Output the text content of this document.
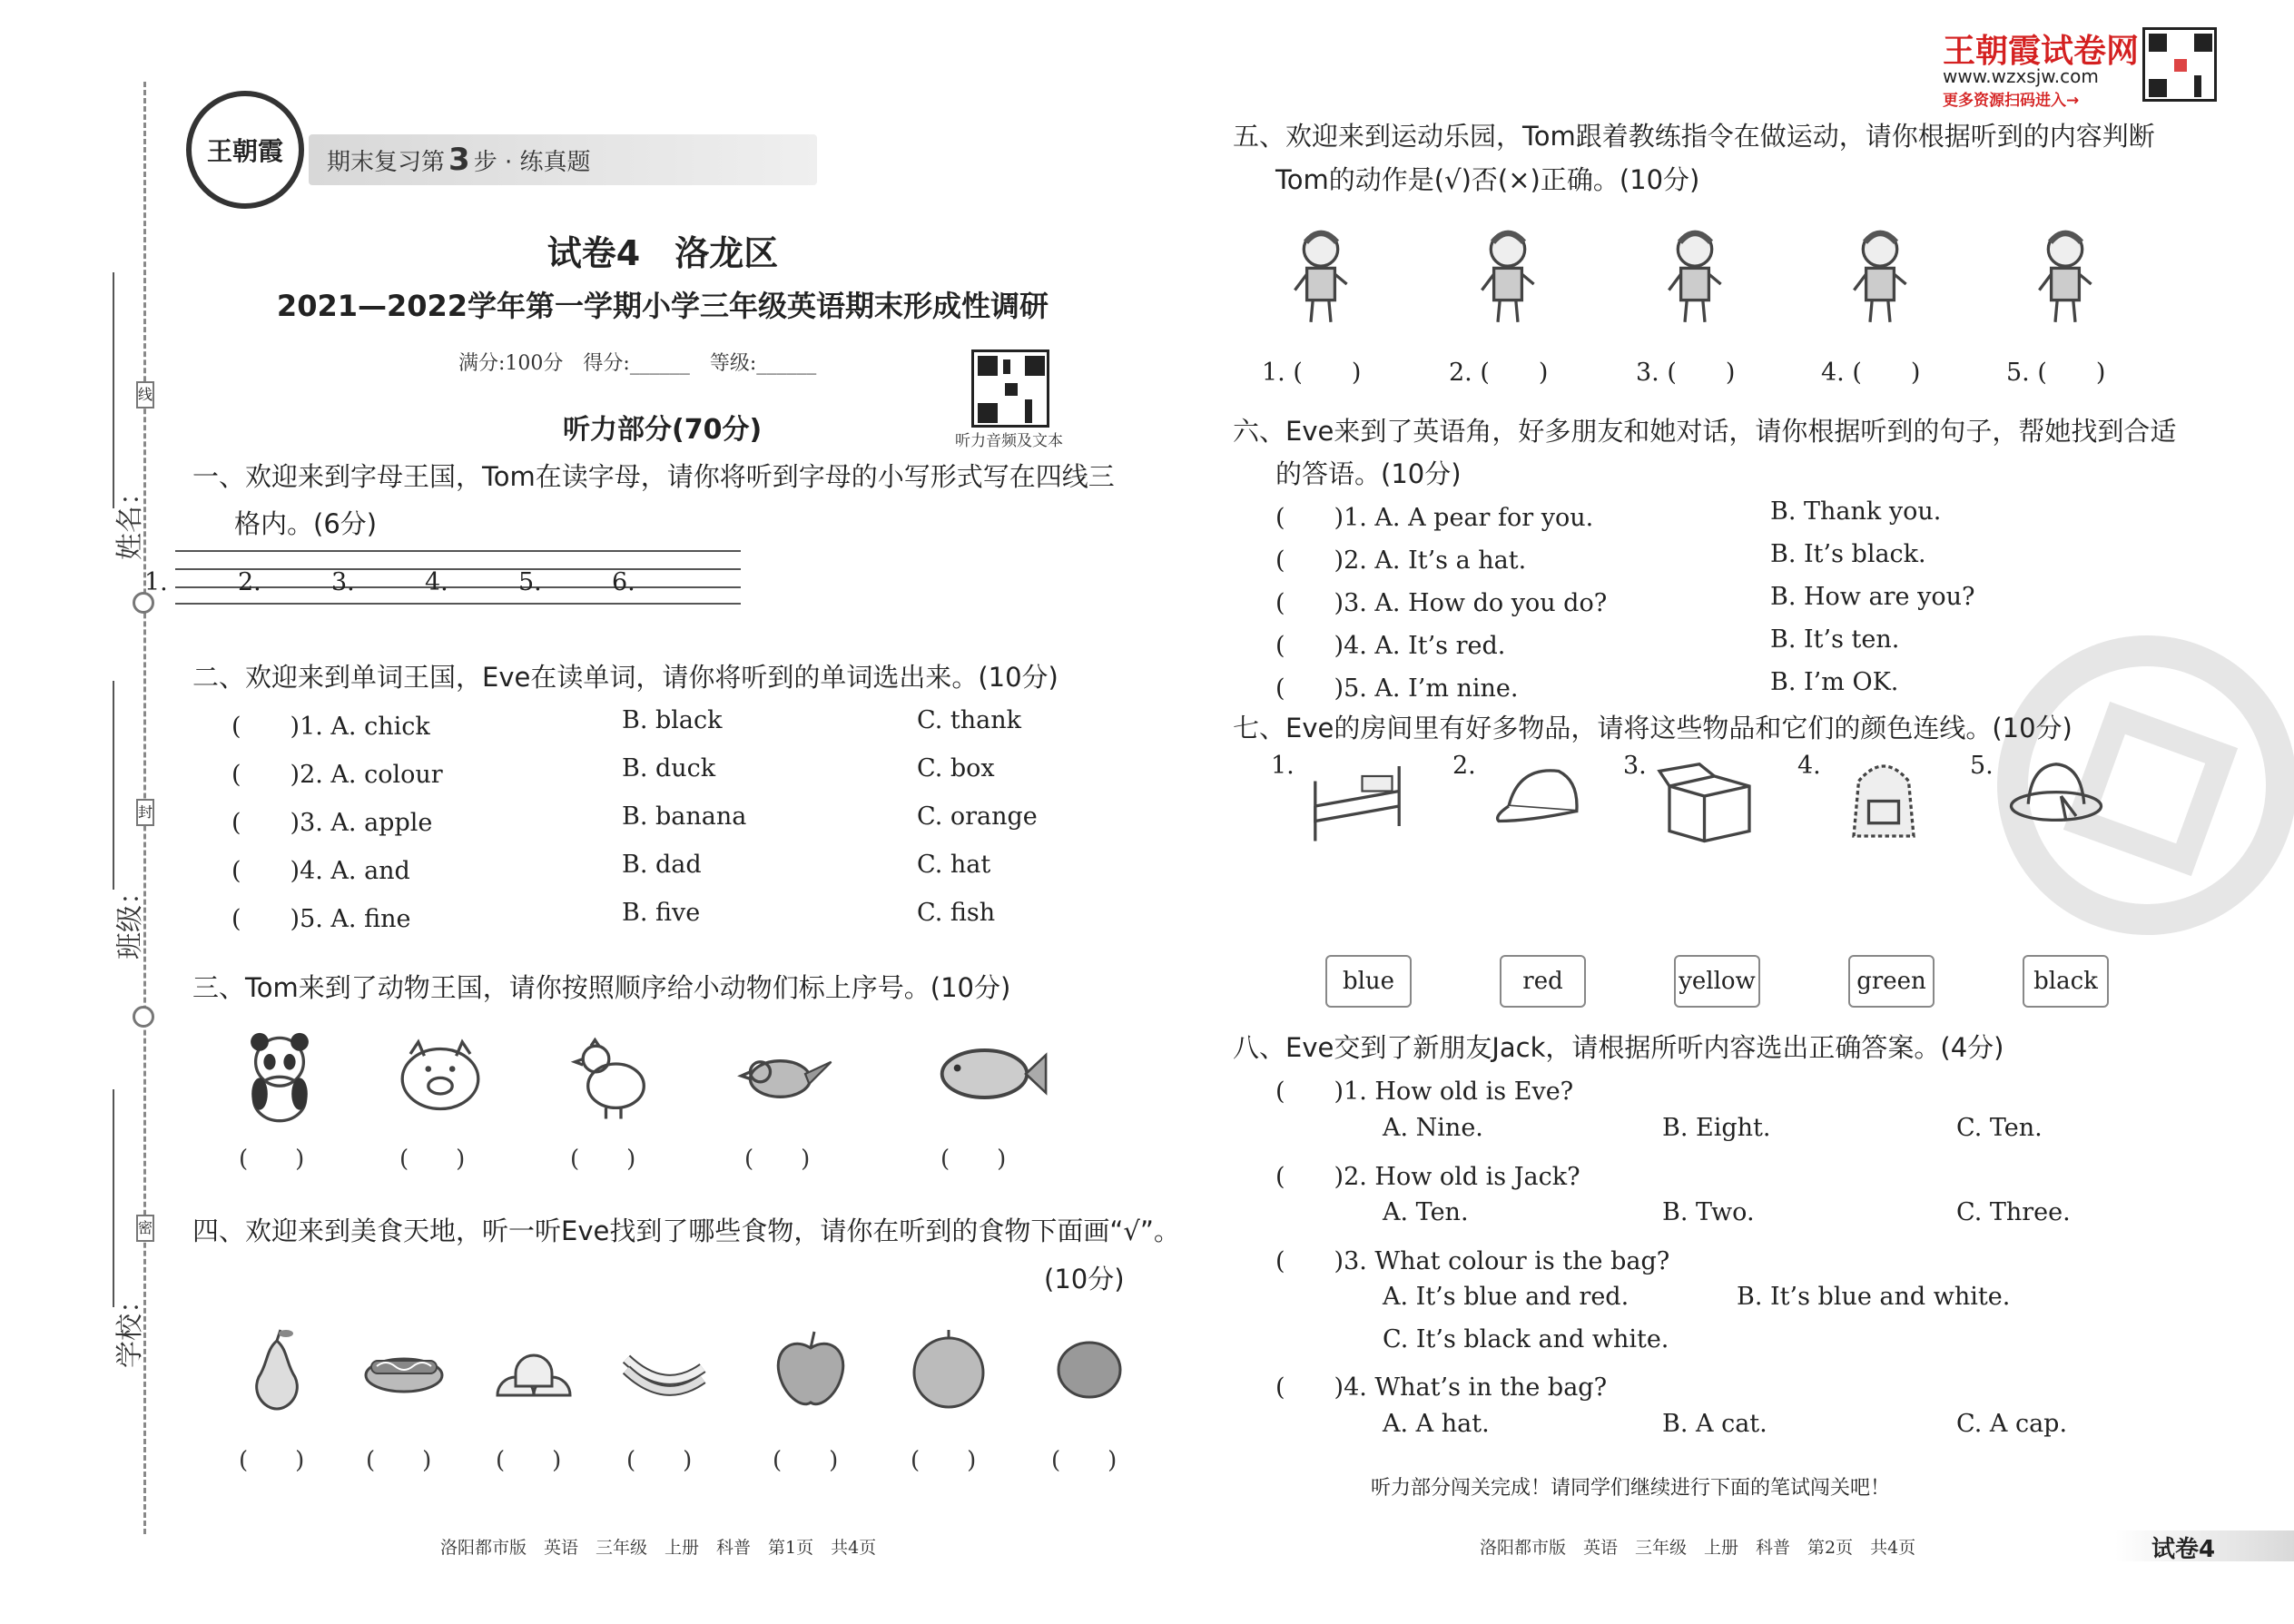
姓名：
线
班级：
封
学校：
密
王朝霞 期末复习第 3 步 · 练真题
试卷4　洛龙区
2021—2022学年第一学期小学三年级英语期末形成性调研
满分:100分　得分:______　等级:______
听力音频及文本
听力部分(70分)
一、欢迎来到字母王国，Tom在读字母，请你将听到字母的小写形式写在四线三
格内。(6分)
1.	2.	3.	4.	5.	6.
二、欢迎来到单词王国，Eve在读单词，请你将听到的单词选出来。(10分)
(　　)1. A. chick	B. black	C. thank
(　　)2. A. colour	B. duck	C. box
(　　)3. A. apple	B. banana	C. orange
(　　)4. A. and	B. dad	C. hat
(　　)5. A. fine	B. five	C. fish
三、Tom来到了动物王国，请你按照顺序给小动物们标上序号。(10分)
(　　)	(　　)	(　　)	(　　)	(　　)
四、欢迎来到美食天地，听一听Eve找到了哪些食物，请你在听到的食物下面画“√”。
(10分)
(　　)	(　　)	(　　)	(　　)	(　　)	(　　)	(　　)
洛阳都市版　英语　三年级　上册　科普　第1页　共4页
王朝霞试卷网
www.wzxsjw.com
更多资源扫码进入→
五、欢迎来到运动乐园，Tom跟着教练指令在做运动，请你根据听到的内容判断
Tom的动作是(√)否(×)正确。(10分)
1. (　　)	2. (　　)	3. (　　)	4. (　　)	5. (　　)
六、Eve来到了英语角，好多朋友和她对话，请你根据听到的句子，帮她找到合适
的答语。(10分)
(　　)1. A. A pear for you.	B. Thank you.
(　　)2. A. It’s a hat.	B. It’s black.
(　　)3. A. How do you do?	B. How are you?
(　　)4. A. It’s red.	B. It’s ten.
(　　)5. A. I’m nine.	B. I’m OK.
七、Eve的房间里有好多物品，请将这些物品和它们的颜色连线。(10分)
1.	2.	3.	4.	5.
blue	red	yellow	green	black
八、Eve交到了新朋友Jack，请根据所听内容选出正确答案。(4分)
(　　)1. How old is Eve?
A. Nine.	B. Eight.	C. Ten.
(　　)2. How old is Jack?
A. Ten.	B. Two.	C. Three.
(　　)3. What colour is the bag?
A. It’s blue and red.	B. It’s blue and white.
C. It’s black and white.
(　　)4. What’s in the bag?
A. A hat.	B. A cat.	C. A cap.
听力部分闯关完成！请同学们继续进行下面的笔试闯关吧！
洛阳都市版　英语　三年级　上册　科普　第2页　共4页	试卷4
